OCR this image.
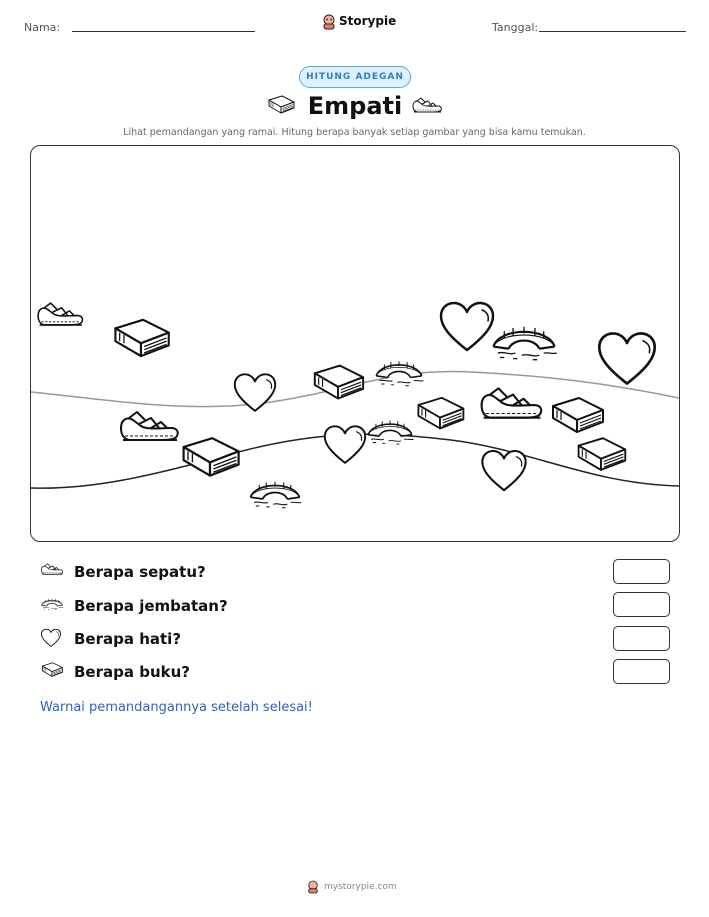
Nama:	Storypie	Tanggal:
HITUNG ADEGAN
Empati
Lihat pemandangan yang ramai. Hitung berapa banyak setiap gambar yang bisa kamu temukan.
Berapa sepatu?
Berapa jembatan?
Berapa hati?
Berapa buku?
Warnai pemandangannya setelah selesai!
mystorypie.com
